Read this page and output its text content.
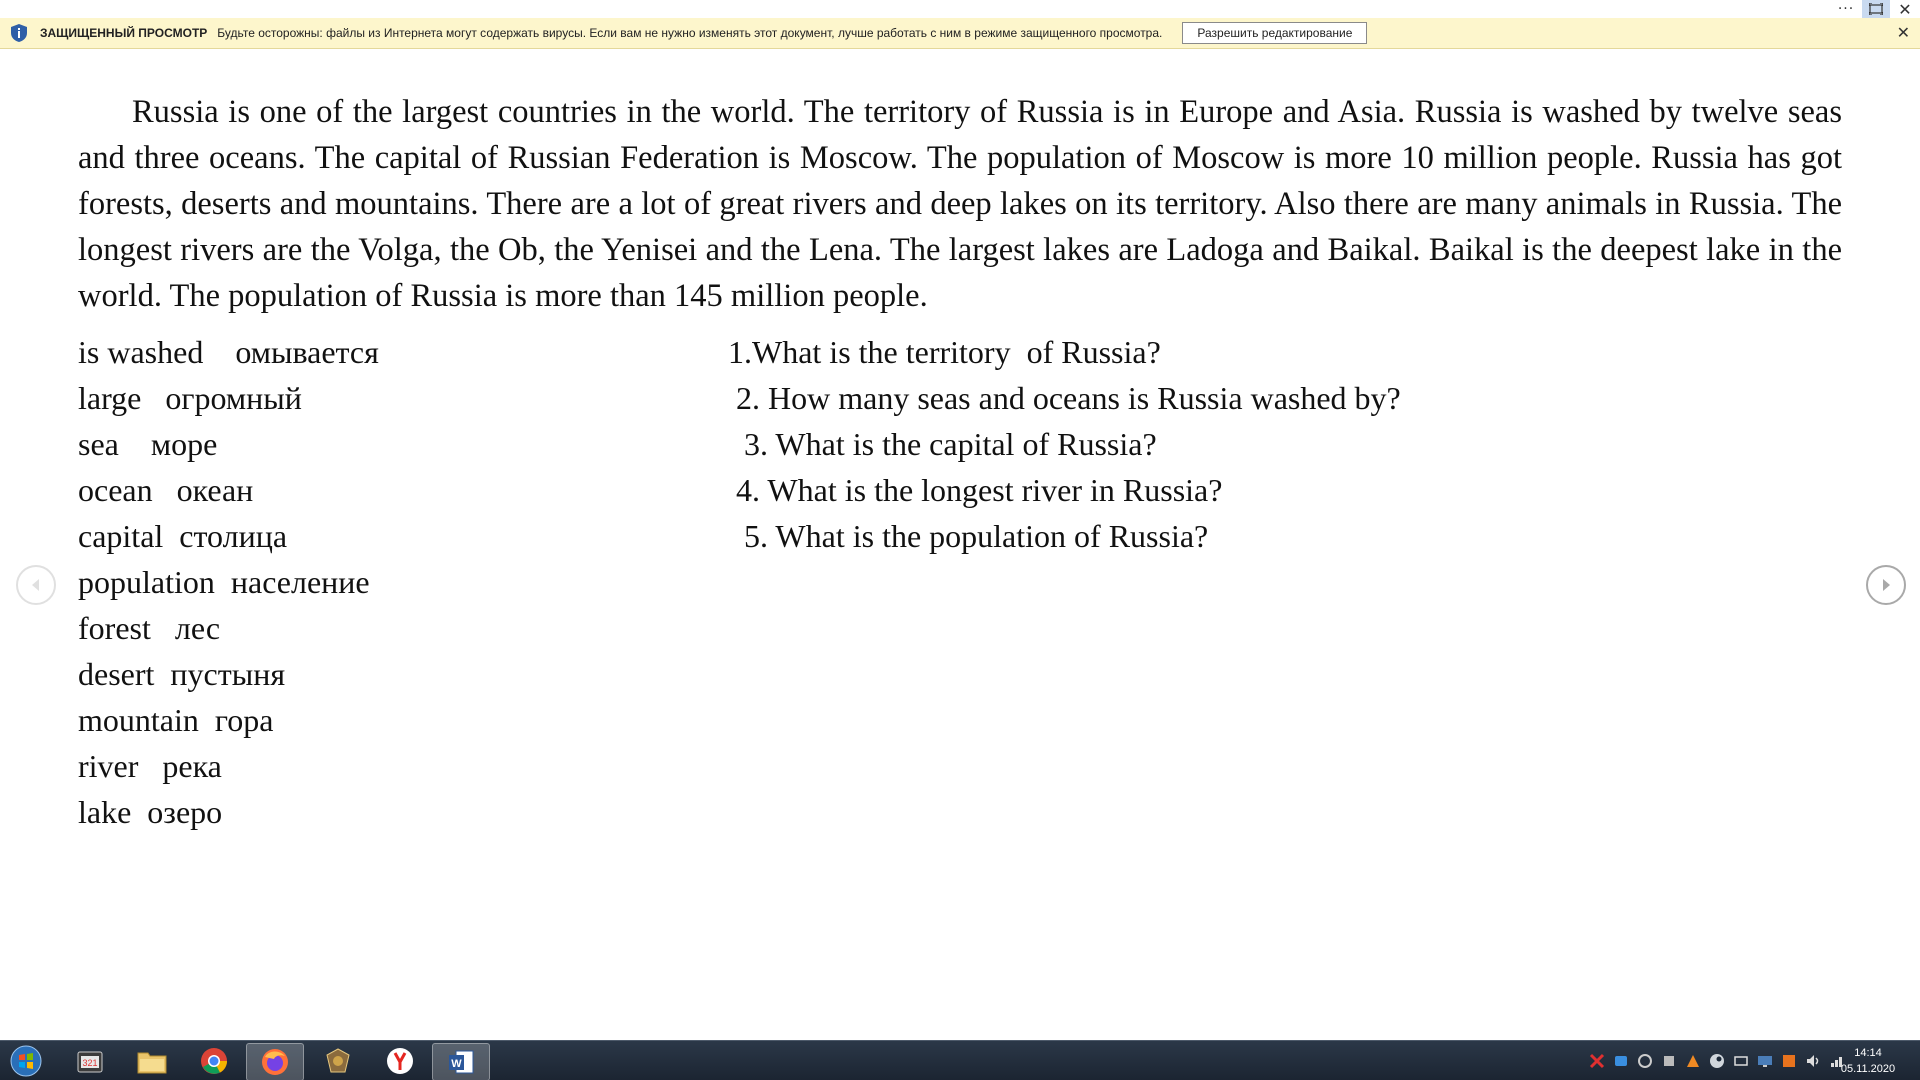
···	✕
ЗАЩИЩЕННЫЙ ПРОСМОТР Будьте осторожны: файлы из Интернета могут содержать вирусы. Если вам не нужно изменять этот документ, лучше работать с ним в режиме защищенного просмотра.	Разрешить редактирование	✕
Russia is one of the largest countries in the world. The territory of Russia is in Europe and Asia. Russia is washed by twelve seas and three oceans. The capital of Russian Federation is Moscow. The population of Moscow is more 10 million people. Russia has got forests, deserts and mountains. There are a lot of great rivers and deep lakes on its territory. Also there are many animals in Russia. The longest rivers are the Volga, the Ob, the Yenisei and the Lena. The largest lakes are Ladoga and Baikal. Baikal is the deepest lake in the world. The population of Russia is more than 145 million people.
is washed омывается
large огромный
sea море
ocean океан
capital столица
population население
forest лес
desert пустыня
mountain гора
river река
lake озеро
1.What is the territory  of Russia?
2. How many seas and oceans is Russia washed by?
3. What is the capital of Russia?
4. What is the longest river in Russia?
5. What is the population of Russia?
321	W
14:14
05.11.2020
